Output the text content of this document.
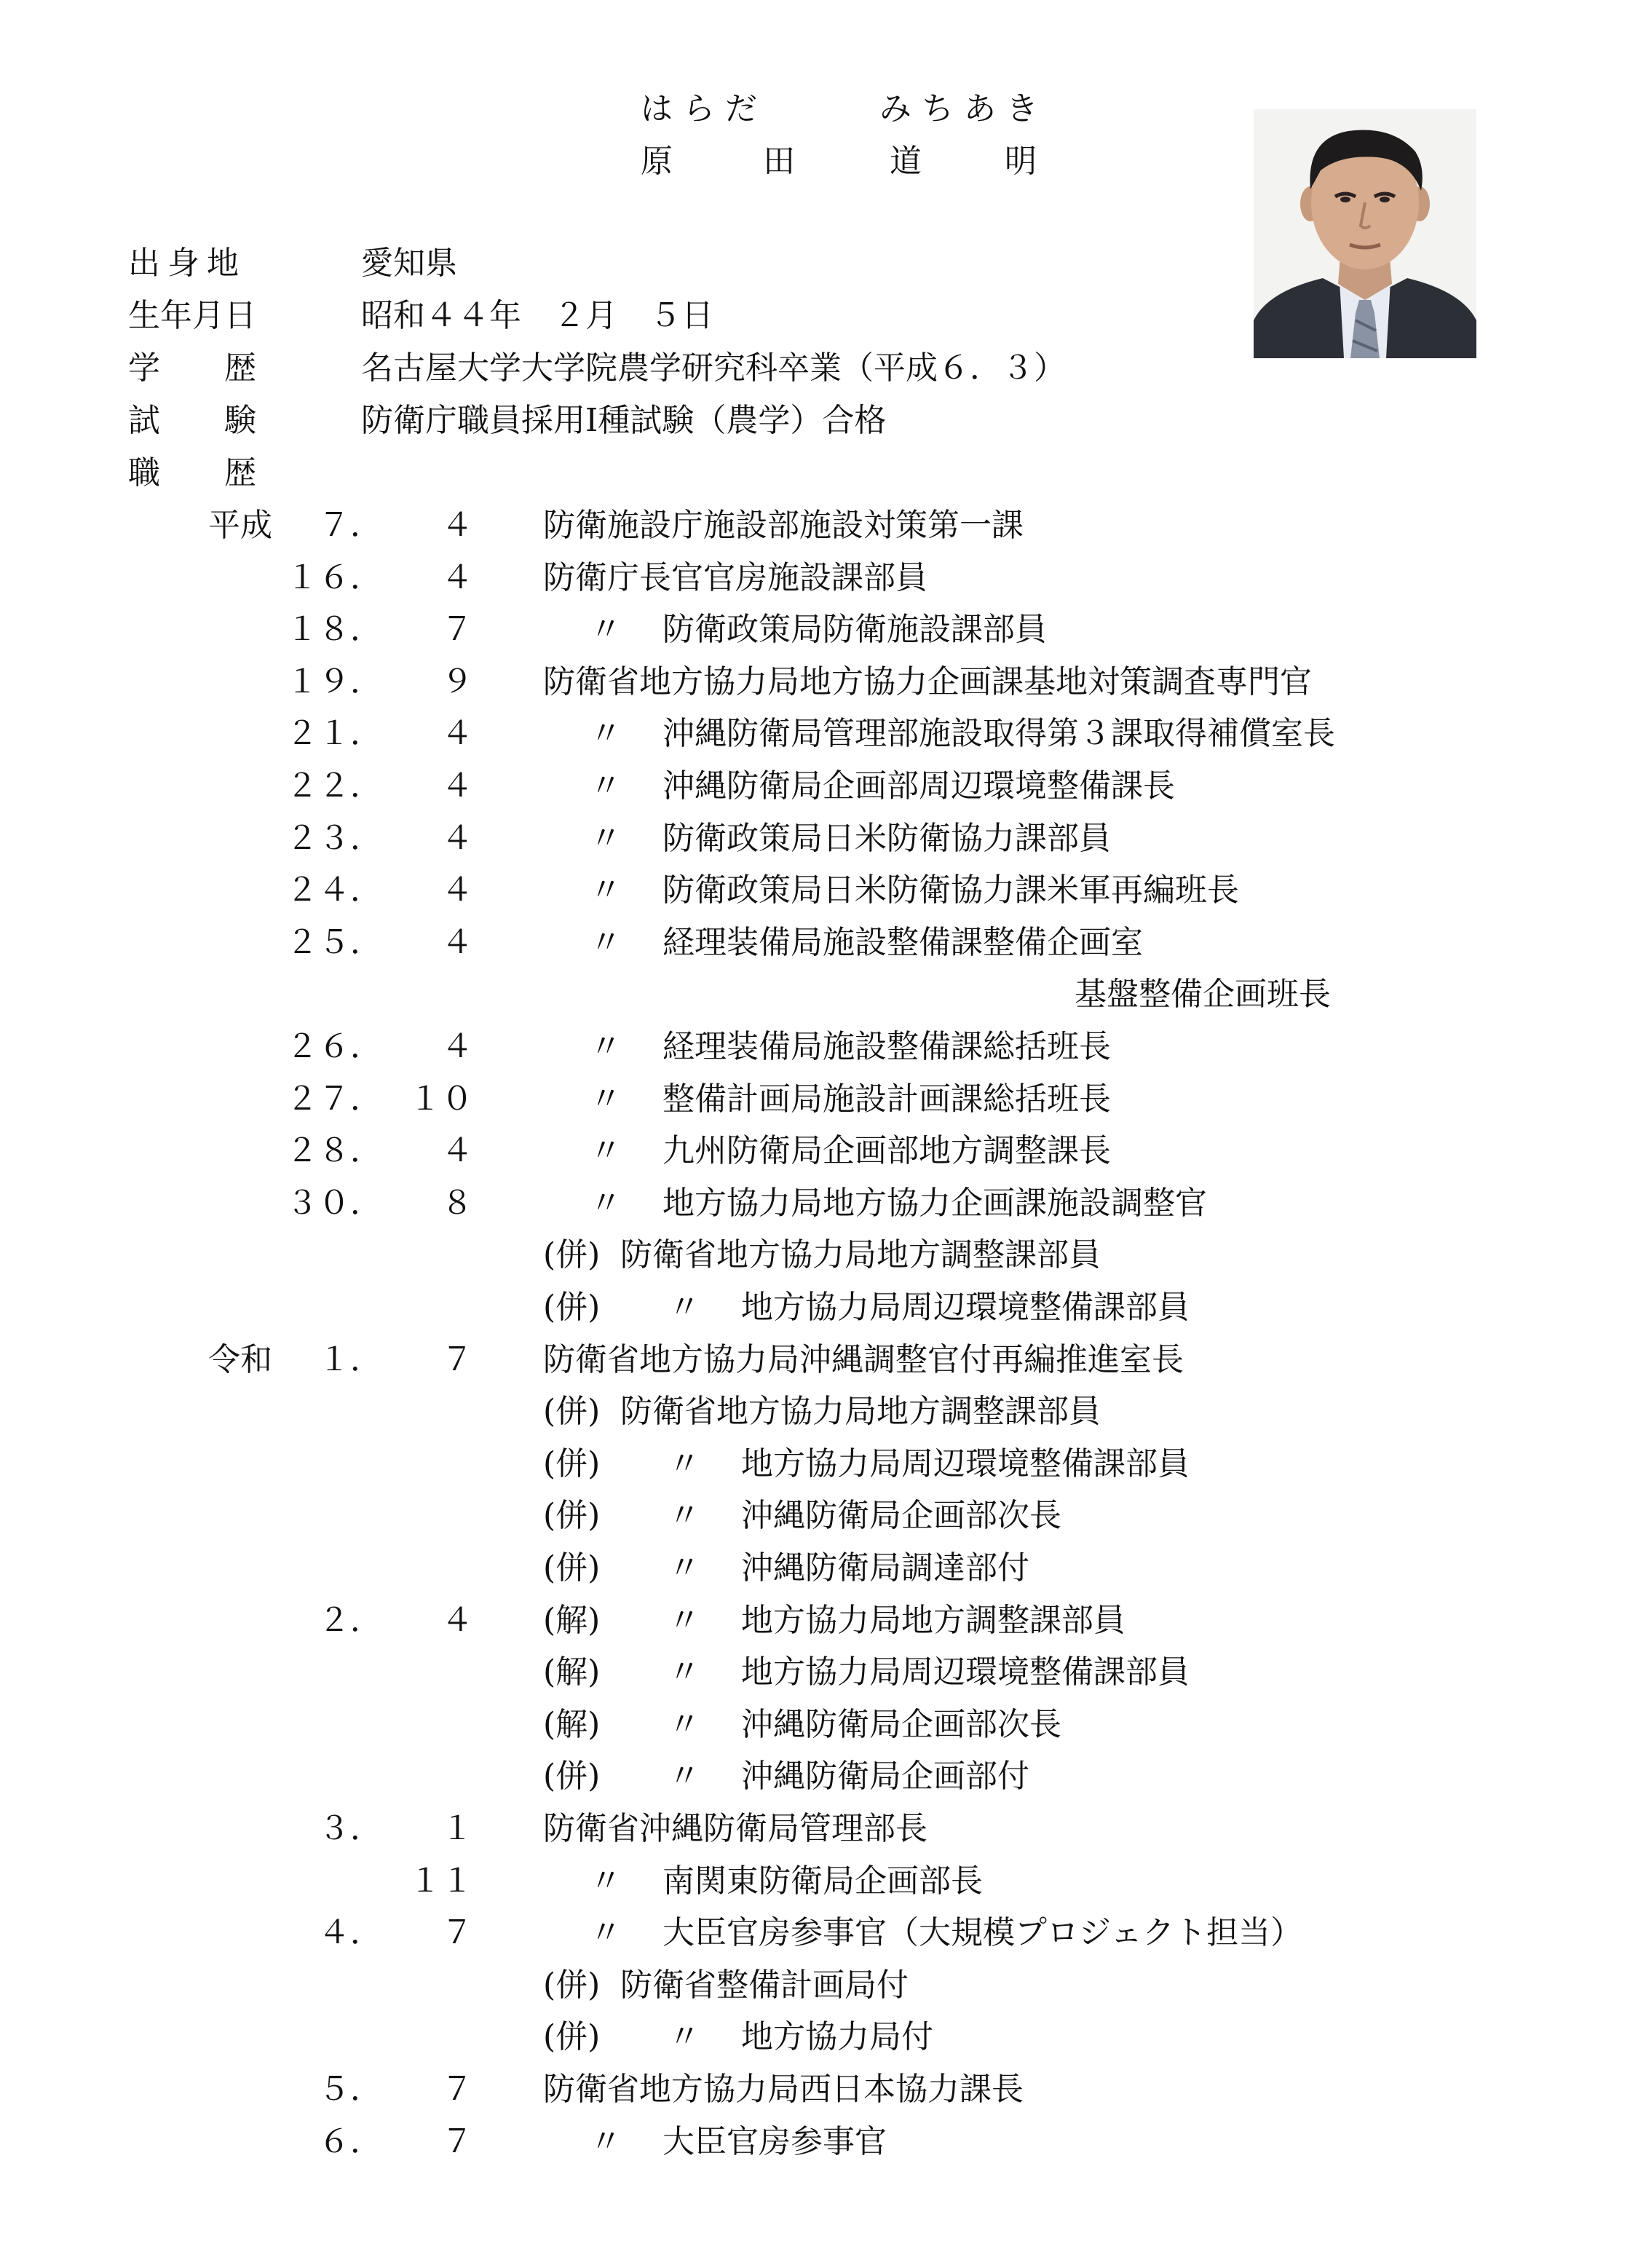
はらだ	みちあき
原	田	道	明
出身地	愛知県
生年月日	昭和４４年　２月　５日
学　　歴	名古屋大学大学院農学研究科卒業（平成６．３）
試　　験	防衛庁職員採用Ⅰ種試験（農学）合格
職　　歴
平成 ７． ４ 防衛施設庁施設部施設対策第一課
１６． ４ 防衛庁長官官房施設課部員
１８． ７	〃 防衛政策局防衛施設課部員
１９． ９ 防衛省地方協力局地方協力企画課基地対策調査専門官
２１． ４	〃 沖縄防衛局管理部施設取得第３課取得補償室長
２２． ４	〃 沖縄防衛局企画部周辺環境整備課長
２３． ４	〃 防衛政策局日米防衛協力課部員
２４． ４	〃 防衛政策局日米防衛協力課米軍再編班長
２５． ４	〃 経理装備局施設整備課整備企画室
基盤整備企画班長
２６． ４	〃 経理装備局施設整備課総括班長
２７． １０	〃 整備計画局施設計画課総括班長
２８． ４	〃 九州防衛局企画部地方調整課長
３０． ８	〃 地方協力局地方協力企画課施設調整官
(併) 防衛省地方協力局地方調整課部員
(併) 〃 地方協力局周辺環境整備課部員
令和 １． ７ 防衛省地方協力局沖縄調整官付再編推進室長
(併) 防衛省地方協力局地方調整課部員
(併) 〃 地方協力局周辺環境整備課部員
(併) 〃 沖縄防衛局企画部次長
(併) 〃 沖縄防衛局調達部付
２． ４ (解) 〃 地方協力局地方調整課部員
(解) 〃 地方協力局周辺環境整備課部員
(解) 〃 沖縄防衛局企画部次長
(併) 〃 沖縄防衛局企画部付
３． １ 防衛省沖縄防衛局管理部長
１１	〃 南関東防衛局企画部長
４． ７	〃 大臣官房参事官（大規模プロジェクト担当）
(併) 防衛省整備計画局付
(併) 〃 地方協力局付
５． ７ 防衛省地方協力局西日本協力課長
６． ７	〃 大臣官房参事官
